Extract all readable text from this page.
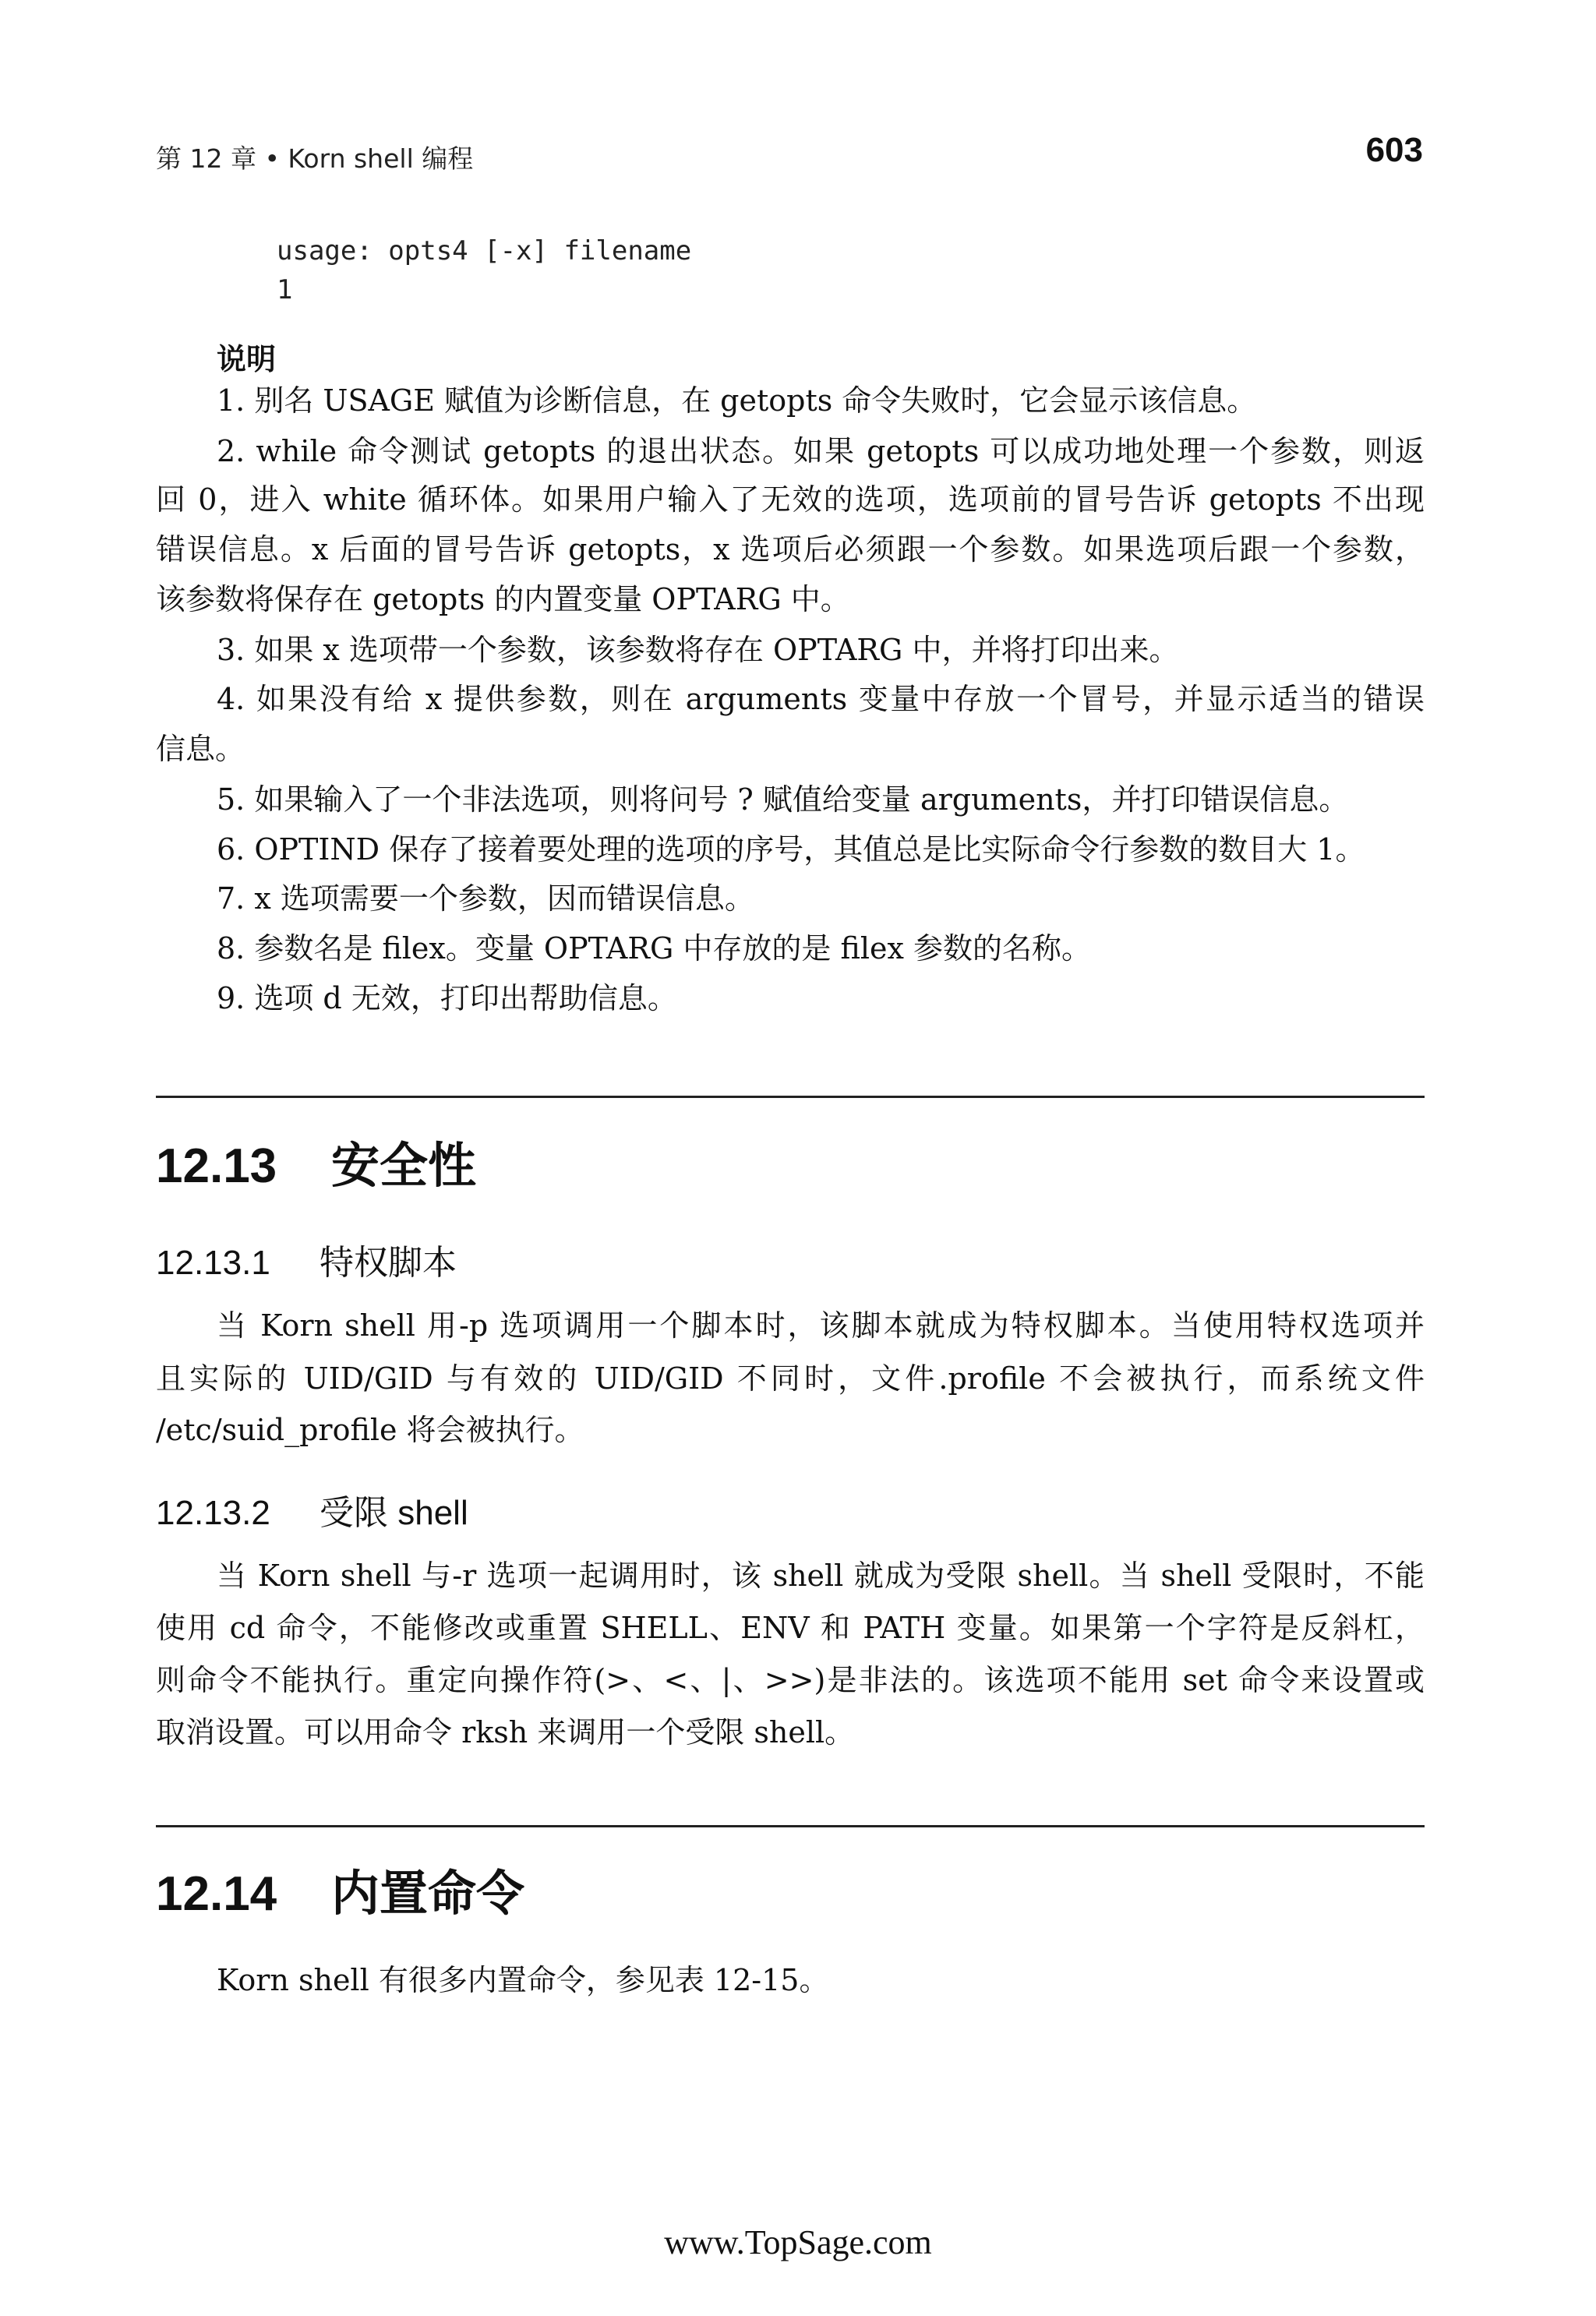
第 12 章 • Korn shell 编程	603
usage: opts4 [-x] filename
1
说明
1. 别名 USAGE 赋值为诊断信息，在 getopts 命令失败时，它会显示该信息。
2. while 命令测试 getopts 的退出状态。如果 getopts 可以成功地处理一个参数，则返
回 0，进入 white 循环体。如果用户输入了无效的选项，选项前的冒号告诉 getopts 不出现
错误信息。x 后面的冒号告诉 getopts，x 选项后必须跟一个参数。如果选项后跟一个参数，
该参数将保存在 getopts 的内置变量 OPTARG 中。
3. 如果 x 选项带一个参数，该参数将存在 OPTARG 中，并将打印出来。
4. 如果没有给 x 提供参数，则在 arguments 变量中存放一个冒号，并显示适当的错误
信息。
5. 如果输入了一个非法选项，则将问号 ? 赋值给变量 arguments，并打印错误信息。
6. OPTIND 保存了接着要处理的选项的序号，其值总是比实际命令行参数的数目大 1。
7. x 选项需要一个参数，因而错误信息。
8. 参数名是 filex。变量 OPTARG 中存放的是 filex 参数的名称。
9. 选项 d 无效，打印出帮助信息。
12.13 安全性
12.13.1 特权脚本
当 Korn shell 用-p 选项调用一个脚本时，该脚本就成为特权脚本。当使用特权选项并
且实际的 UID/GID 与有效的 UID/GID 不同时，文件.profile 不会被执行，而系统文件
/etc/suid_profile 将会被执行。
12.13.2 受限 shell
当 Korn shell 与-r 选项一起调用时，该 shell 就成为受限 shell。当 shell 受限时，不能
使用 cd 命令，不能修改或重置 SHELL、ENV 和 PATH 变量。如果第一个字符是反斜杠，
则命令不能执行。重定向操作符(>、<、|、>>)是非法的。该选项不能用 set 命令来设置或
取消设置。可以用命令 rksh 来调用一个受限 shell。
12.14 内置命令
Korn shell 有很多内置命令，参见表 12-15。
www.TopSage.com
